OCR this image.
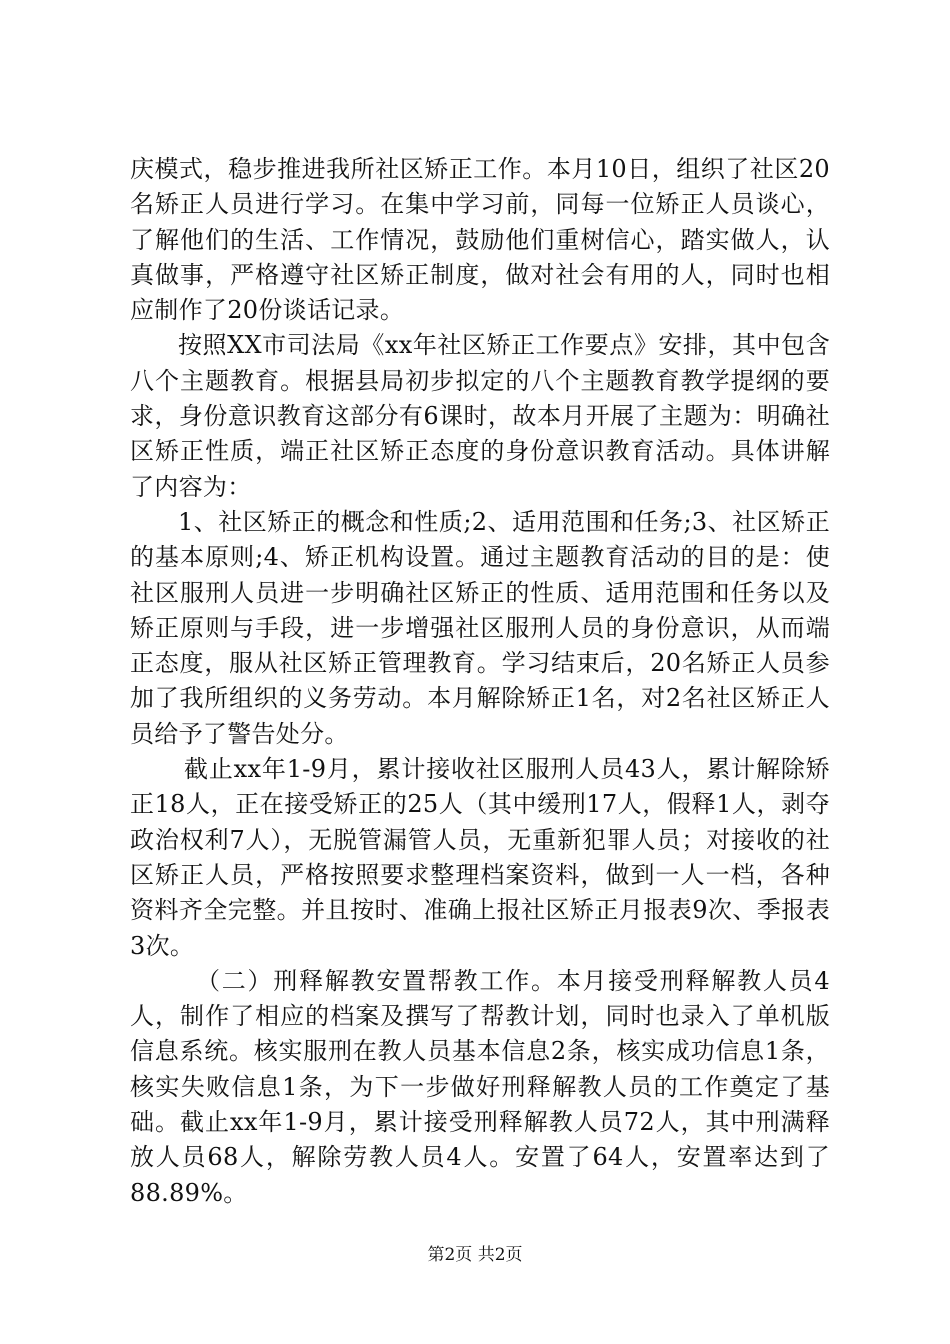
庆模式，稳步推进我所社区矫正工作。本月10日，组织了社区20名矫正人员进行学习。在集中学习前，同每一位矫正人员谈心，了解他们的生活、工作情况，鼓励他们重树信心，踏实做人，认真做事，严格遵守社区矫正制度，做对社会有用的人，同时也相应制作了20份谈话记录。

按照XX市司法局《xx年社区矫正工作要点》安排，其中包含八个主题教育。根据县局初步拟定的八个主题教育教学提纲的要求，身份意识教育这部分有6课时，故本月开展了主题为：明确社区矫正性质，端正社区矫正态度的身份意识教育活动。具体讲解了内容为：

1、社区矫正的概念和性质;2、适用范围和任务;3、社区矫正的基本原则;4、矫正机构设置。通过主题教育活动的目的是：使社区服刑人员进一步明确社区矫正的性质、适用范围和任务以及矫正原则与手段，进一步增强社区服刑人员的身份意识，从而端正态度，服从社区矫正管理教育。学习结束后，20名矫正人员参加了我所组织的义务劳动。本月解除矫正1名，对2名社区矫正人员给予了警告处分。

截止xx年1-9月，累计接收社区服刑人员43人，累计解除矫正18人，正在接受矫正的25人（其中缓刑17人，假释1人，剥夺政治权利7人），无脱管漏管人员，无重新犯罪人员；对接收的社区矫正人员，严格按照要求整理档案资料，做到一人一档，各种资料齐全完整。并且按时、准确上报社区矫正月报表9次、季报表3次。

（二）刑释解教安置帮教工作。本月接受刑释解教人员4人，制作了相应的档案及撰写了帮教计划，同时也录入了单机版信息系统。核实服刑在教人员基本信息2条，核实成功信息1条，核实失败信息1条，为下一步做好刑释解教人员的工作奠定了基础。截止xx年1-9月，累计接受刑释解教人员72人，其中刑满释放人员68人，解除劳教人员4人。安置了64人，安置率达到了88.89%。

第2页 共2页
